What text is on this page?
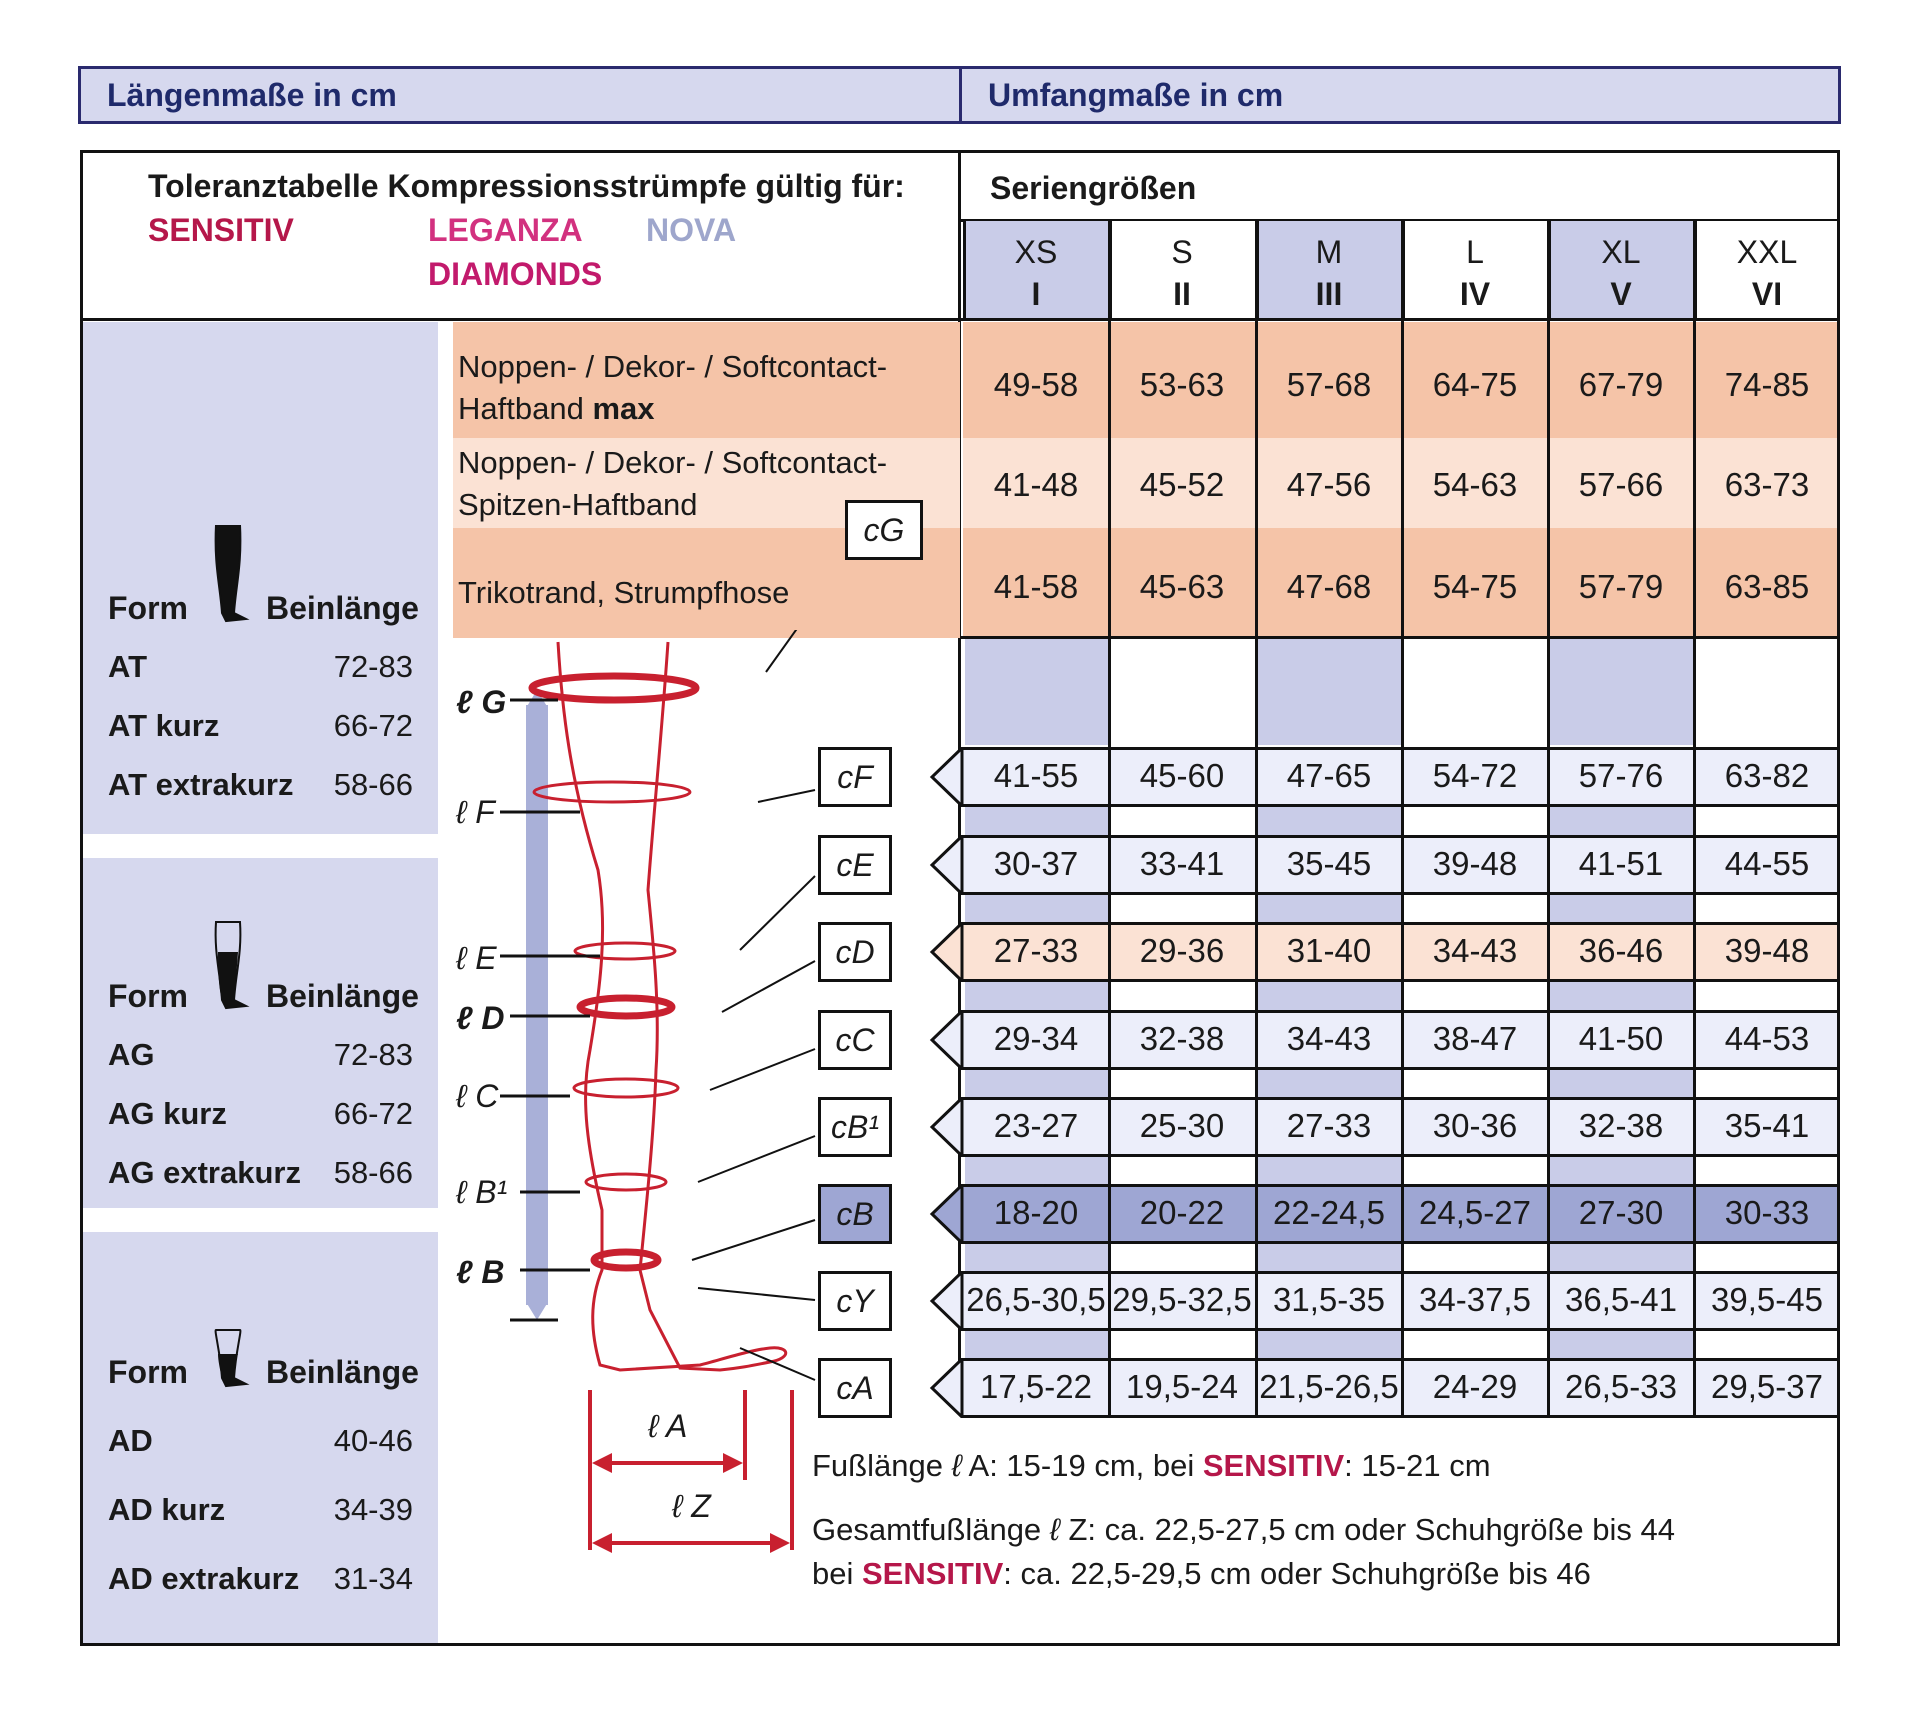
Längenmaße in cm	Umfangmaße in cm
Toleranztabelle Kompressionsstrümpfe gültig für:
SENSITIV	LEGANZA NOVA
DIAMONDS
Seriengrößen
cG
ℓ A
ℓ Z
Fußlänge ℓ A: 15-19 cm, bei SENSITIV: 15-21 cm
Gesamtfußlänge ℓ Z: ca. 22,5-27,5 cm oder Schuhgröße bis 44
bei SENSITIV: ca. 22,5-29,5 cm oder Schuhgröße bis 46
XS
I
S
II
M
III
L
IV
XL
V
XXL
VI
Form Beinlänge
AT	72-83
AT kurz	66-72
AT extrakurz 58-66
Form Beinlänge
AG	72-83
AG kurz	66-72
AG extrakurz 58-66
Form Beinlänge
AD	40-46
AD kurz	34-39
AD extrakurz 31-34
Noppen- / Dekor- / Softcontact-
Haftband max
49-58	53-63	57-68	64-75	67-79	74-85
Noppen- / Dekor- / Softcontact-
Spitzen-Haftband
41-48	45-52	47-56	54-63	57-66	63-73
Trikotrand, Strumpfhose	41-58	45-63	47-68	54-75	57-79	63-85
41-55	45-60	47-65	54-72	57-76	63-82
cF
30-37	33-41	35-45	39-48	41-51	44-55
cE
27-33	29-36	31-40	34-43	36-46	39-48
cD
29-34	32-38	34-43	38-47	41-50	44-53
cC
23-27	25-30	27-33	30-36	32-38	35-41
cB¹
18-20	20-22	22-24,5	24,5-27	27-30	30-33
cB
26,5-30,5 29,5-32,5 31,5-35	34-37,5	36,5-41	39,5-45
cY
17,5-22	19,5-24 21,5-26,5	24-29	26,5-33	29,5-37
cA
ℓ G
ℓ F
ℓ E
ℓ D
ℓ C
ℓ B¹
ℓ B
